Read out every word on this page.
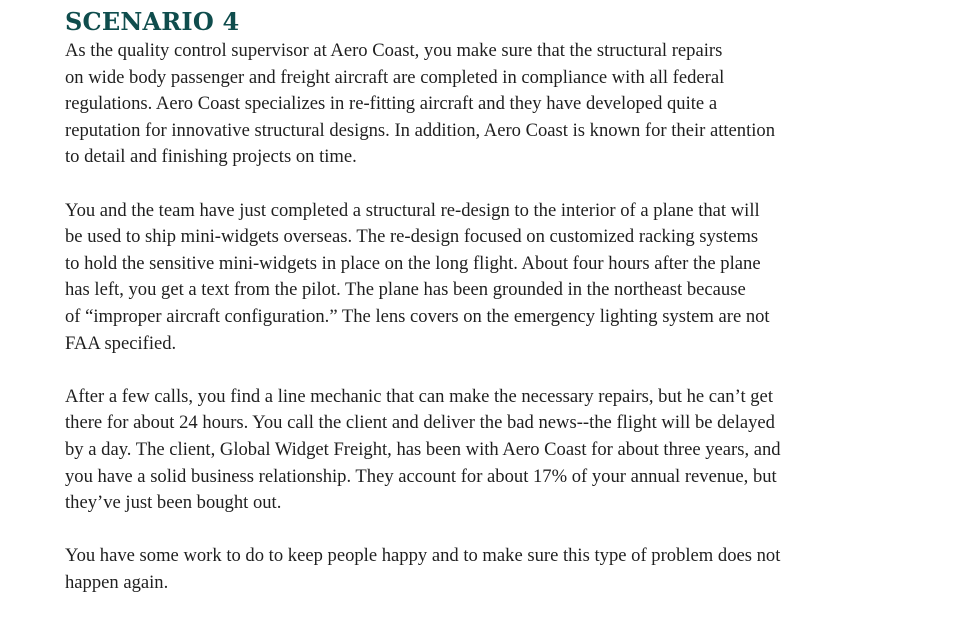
SCENARIO 4

As the quality control supervisor at Aero Coast, you make sure that the structural repairs
on wide body passenger and freight aircraft are completed in compliance with all federal
regulations. Aero Coast specializes in re-fitting aircraft and they have developed quite a
reputation for innovative structural designs. In addition, Aero Coast is known for their attention
to detail and finishing projects on time.

You and the team have just completed a structural re-design to the interior of a plane that will
be used to ship mini-widgets overseas. The re-design focused on customized racking systems
to hold the sensitive mini-widgets in place on the long flight. About four hours after the plane
has left, you get a text from the pilot. The plane has been grounded in the northeast because
of “improper aircraft configuration.” The lens covers on the emergency lighting system are not
FAA specified.

After a few calls, you find a line mechanic that can make the necessary repairs, but he can’t get
there for about 24 hours. You call the client and deliver the bad news--the flight will be delayed
by a day. The client, Global Widget Freight, has been with Aero Coast for about three years, and
you have a solid business relationship. They account for about 17% of your annual revenue, but
they’ve just been bought out.

You have some work to do to keep people happy and to make sure this type of problem does not
happen again.
